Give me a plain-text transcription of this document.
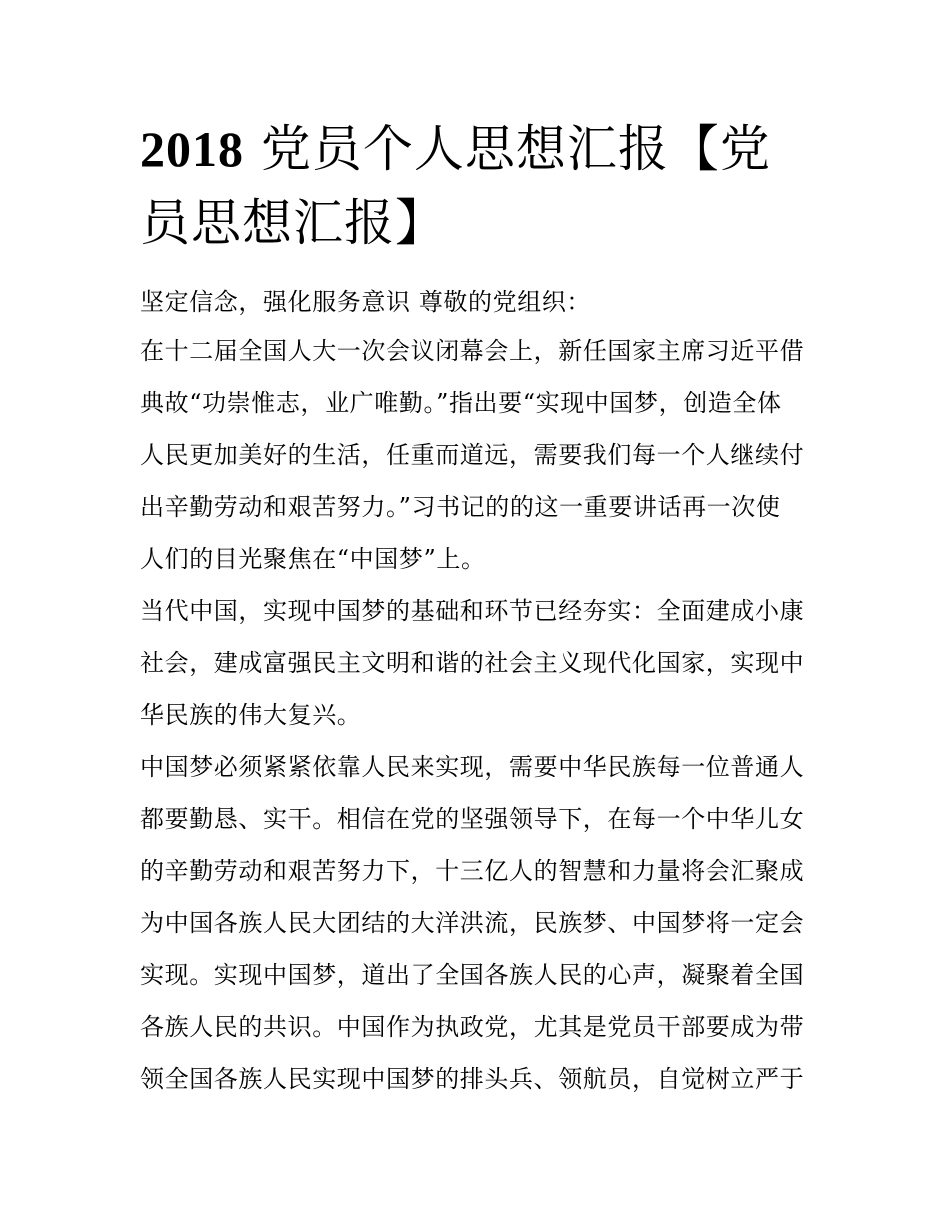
2018 党员个人思想汇报【党员思想汇报】
坚定信念，强化服务意识 尊敬的党组织：
在十二届全国人大一次会议闭幕会上，新任国家主席习近平借
典故“功崇惟志，业广唯勤。”指出要“实现中国梦，创造全体
人民更加美好的生活，任重而道远，需要我们每一个人继续付
出辛勤劳动和艰苦努力。”习书记的的这一重要讲话再一次使
人们的目光聚焦在“中国梦”上。
当代中国，实现中国梦的基础和环节已经夯实：全面建成小康
社会，建成富强民主文明和谐的社会主义现代化国家，实现中
华民族的伟大复兴。
中国梦必须紧紧依靠人民来实现，需要中华民族每一位普通人
都要勤恳、实干。相信在党的坚强领导下，在每一个中华儿女
的辛勤劳动和艰苦努力下，十三亿人的智慧和力量将会汇聚成
为中国各族人民大团结的大洋洪流，民族梦、中国梦将一定会
实现。实现中国梦，道出了全国各族人民的心声，凝聚着全国
各族人民的共识。中国作为执政党，尤其是党员干部要成为带
领全国各族人民实现中国梦的排头兵、领航员，自觉树立严于
